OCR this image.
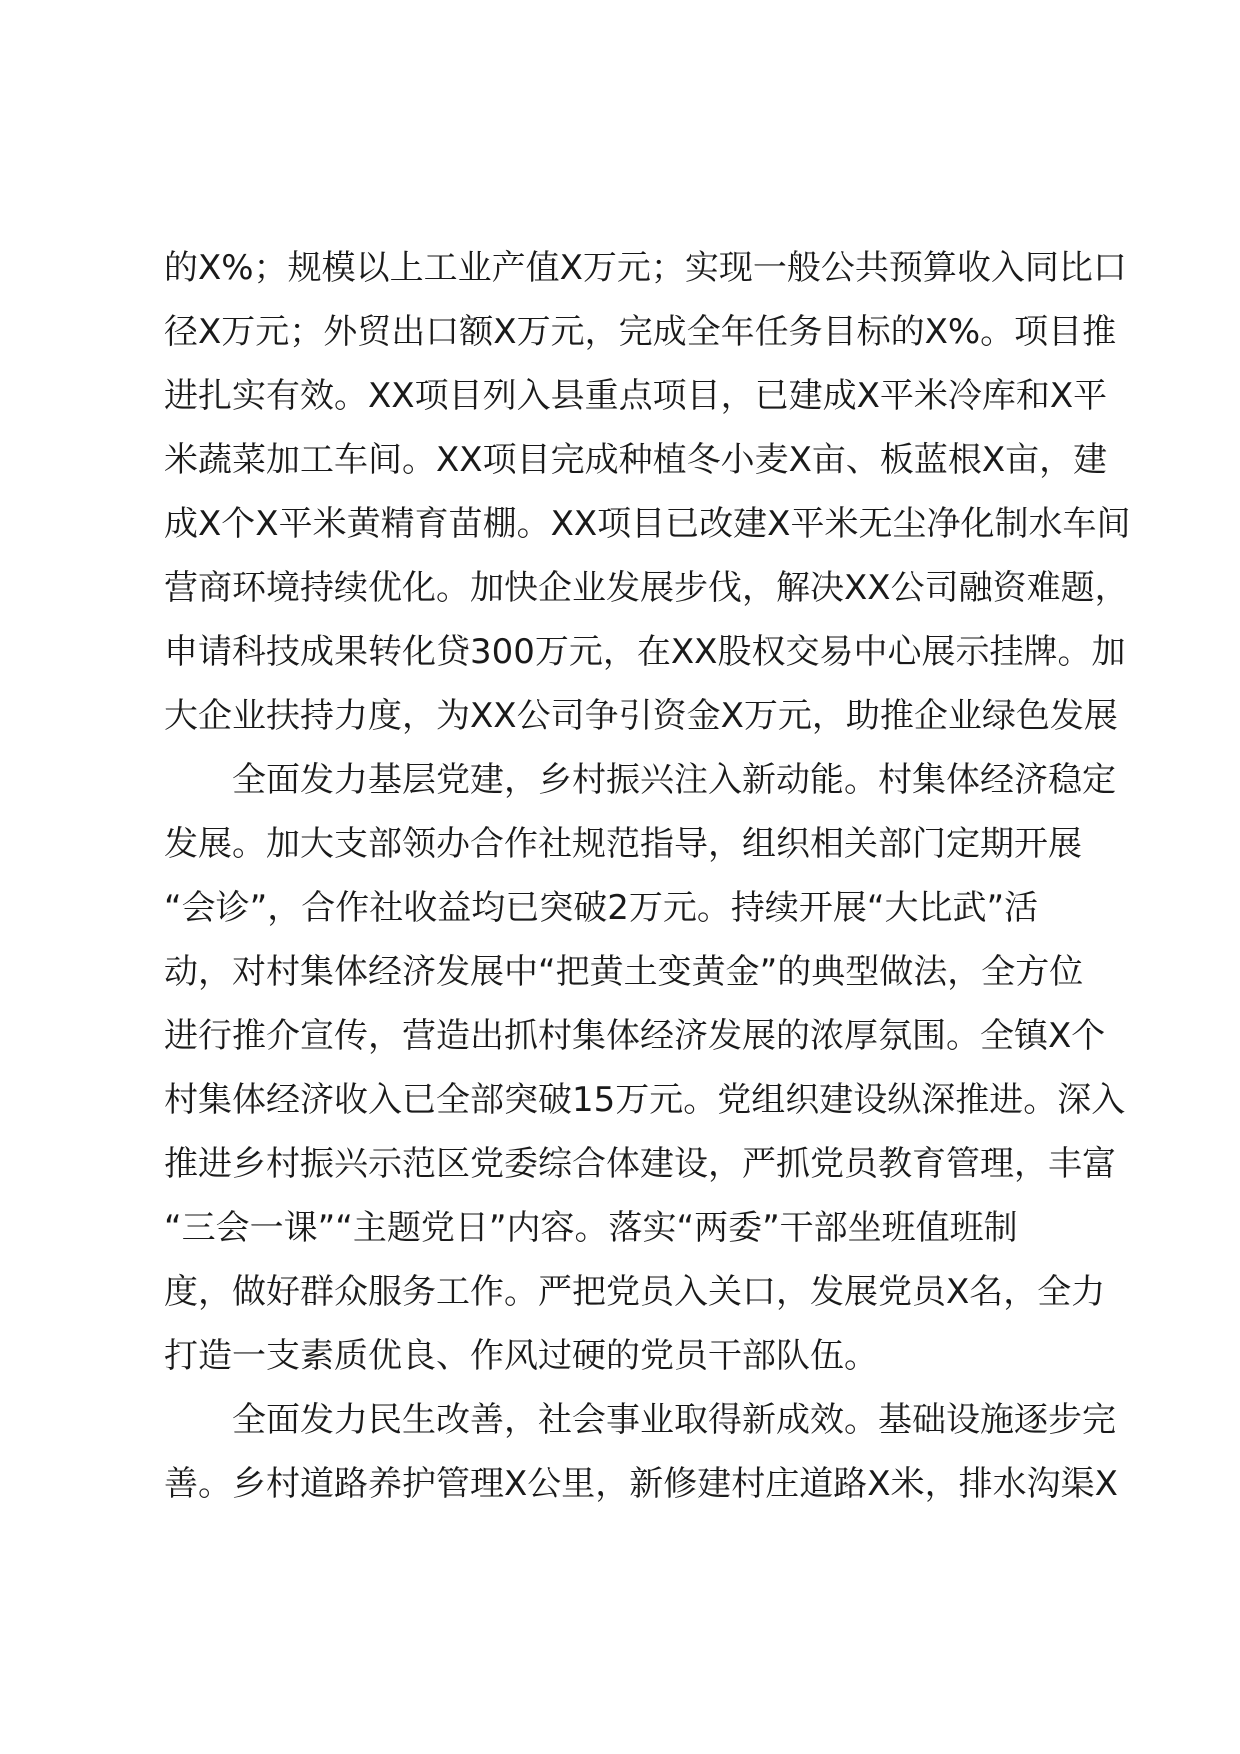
的X%；规模以上工业产值X万元；实现一般公共预算收入同比口
径X万元；外贸出口额X万元，完成全年任务目标的X%。项目推
进扎实有效。XX项目列入县重点项目，已建成X平米冷库和X平
米蔬菜加工车间。XX项目完成种植冬小麦X亩、板蓝根X亩，建
成X个X平米黄精育苗棚。XX项目已改建X平米无尘净化制水车间
营商环境持续优化。加快企业发展步伐，解决XX公司融资难题，
申请科技成果转化贷300万元，在XX股权交易中心展示挂牌。加
大企业扶持力度，为XX公司争引资金X万元，助推企业绿色发展
全面发力基层党建，乡村振兴注入新动能。村集体经济稳定
发展。加大支部领办合作社规范指导，组织相关部门定期开展
“会诊”，合作社收益均已突破2万元。持续开展“大比武”活
动，对村集体经济发展中“把黄土变黄金”的典型做法，全方位
进行推介宣传，营造出抓村集体经济发展的浓厚氛围。全镇X个
村集体经济收入已全部突破15万元。党组织建设纵深推进。深入
推进乡村振兴示范区党委综合体建设，严抓党员教育管理，丰富
“三会一课”“主题党日”内容。落实“两委”干部坐班值班制
度，做好群众服务工作。严把党员入关口，发展党员X名，全力
打造一支素质优良、作风过硬的党员干部队伍。
全面发力民生改善，社会事业取得新成效。基础设施逐步完
善。乡村道路养护管理X公里，新修建村庄道路X米，排水沟渠X
